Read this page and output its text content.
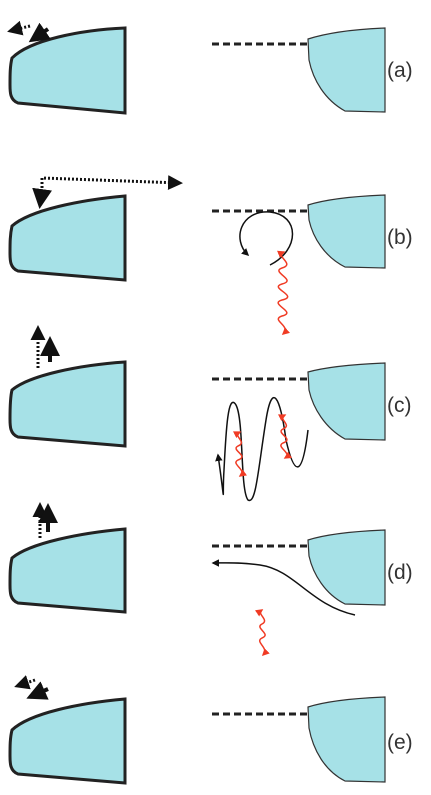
(a)
(b)
(c)
(d)
(e)
